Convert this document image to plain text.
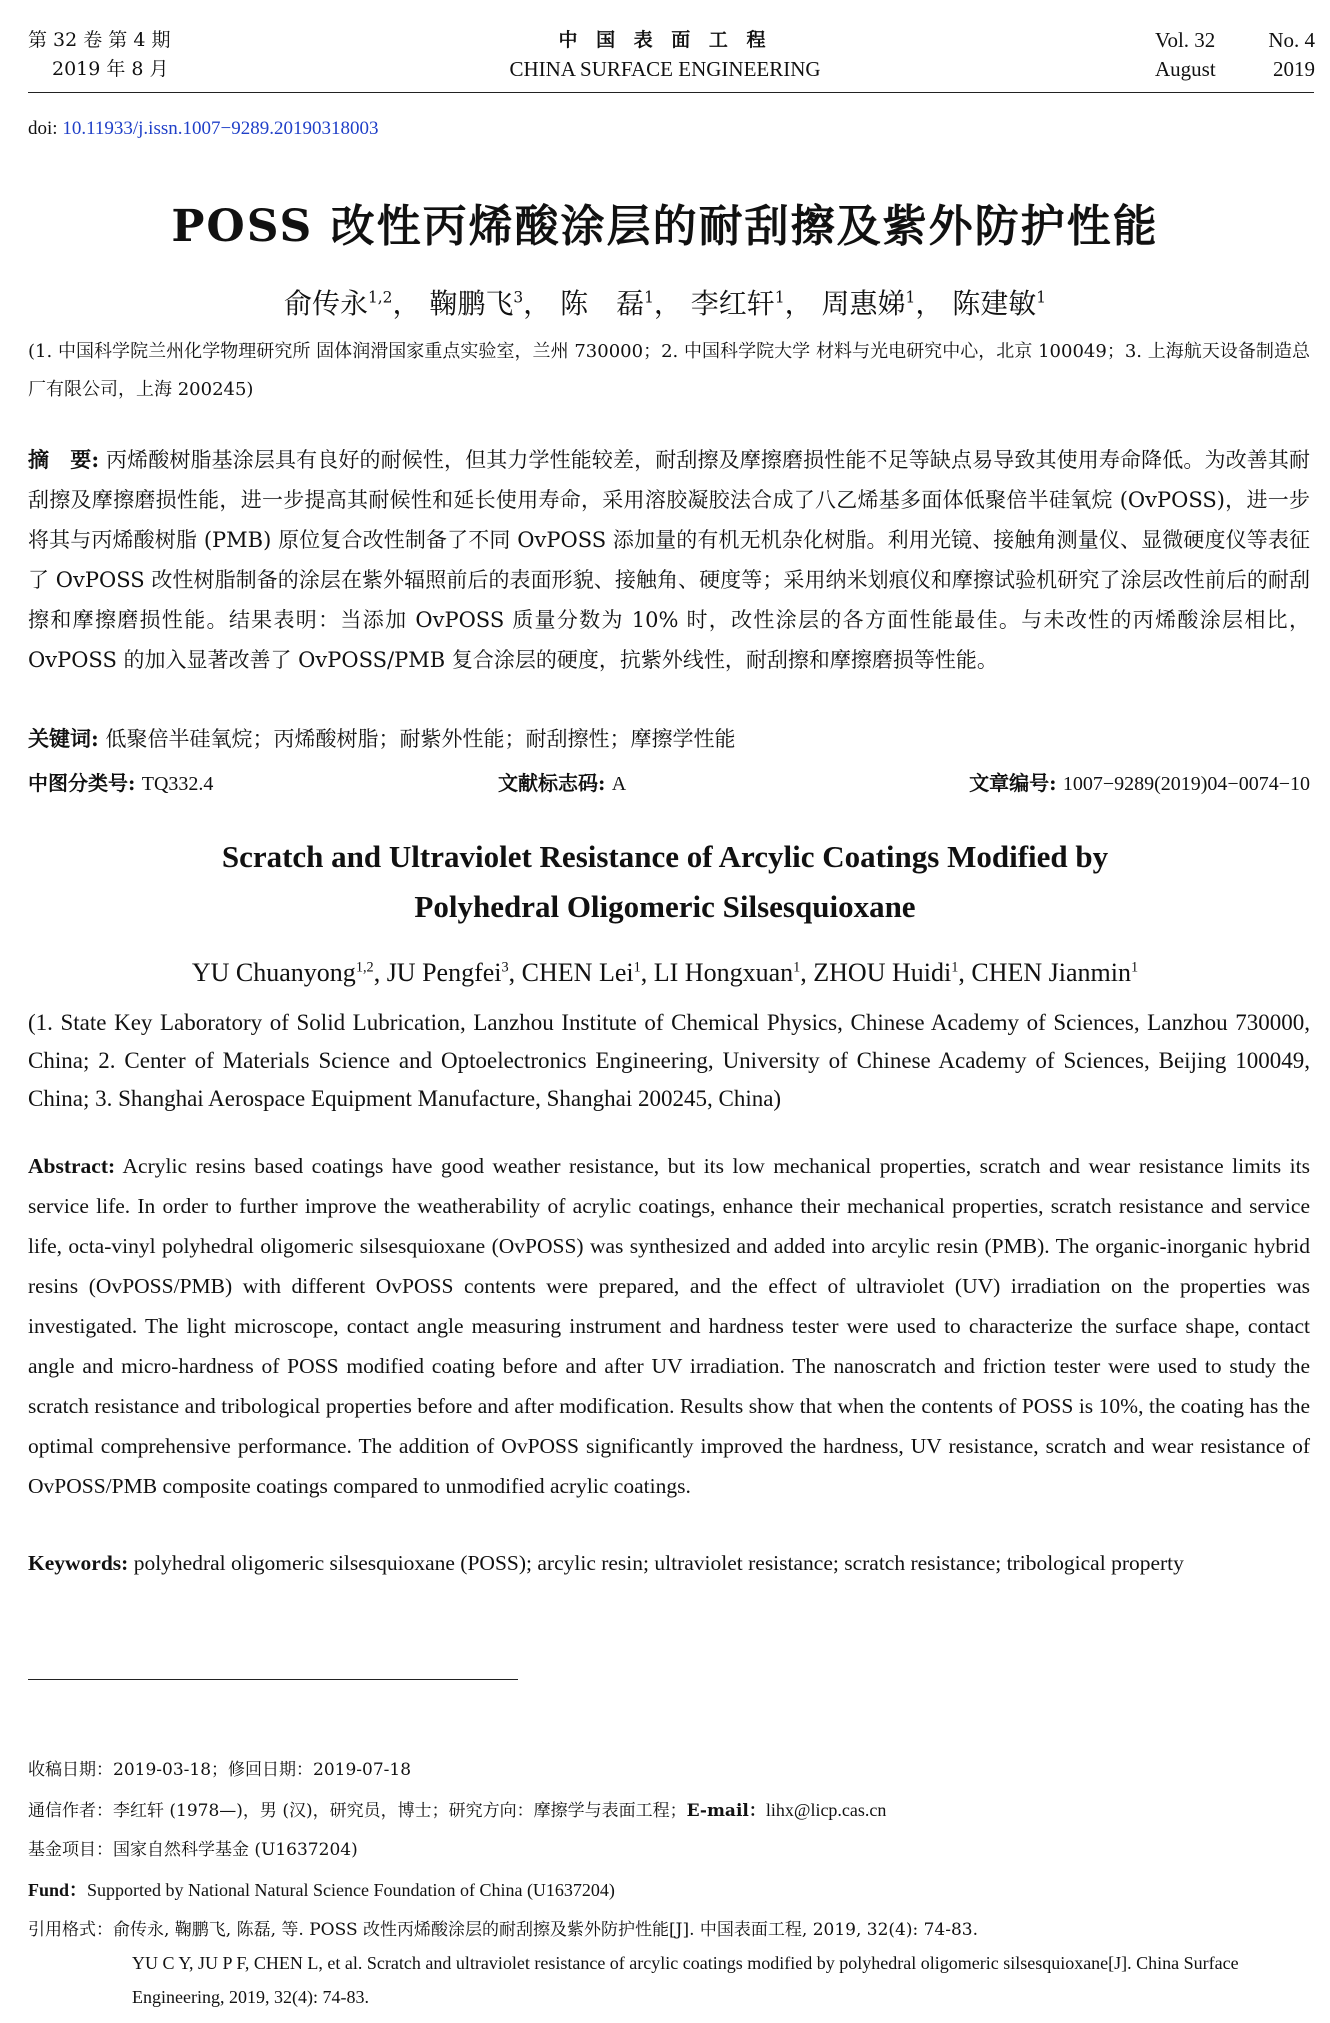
第 32 卷 第 4 期
2019 年 8 月
中 国 表 面 工 程
CHINA SURFACE ENGINEERING
Vol. 32	No. 4
August	2019
doi: 10.11933/j.issn.1007−9289.20190318003
POSS 改性丙烯酸涂层的耐刮擦及紫外防护性能
俞传永$^{1,2}$， 鞠鹏飞$^3$， 陈　磊$^1$， 李红轩$^1$， 周惠娣$^1$， 陈建敏$^1$
(1. 中国科学院兰州化学物理研究所 固体润滑国家重点实验室，兰州 730000；2. 中国科学院大学 材料与光电研究中心，北京 100049；3. 上海航天设备制造总厂有限公司，上海 200245)
摘　要: 丙烯酸树脂基涂层具有良好的耐候性，但其力学性能较差，耐刮擦及摩擦磨损性能不足等缺点易导致其使用寿命降低。为改善其耐刮擦及摩擦磨损性能，进一步提高其耐候性和延长使用寿命，采用溶胶凝胶法合成了八乙烯基多面体低聚倍半硅氧烷 (OvPOSS)，进一步将其与丙烯酸树脂 (PMB) 原位复合改性制备了不同 OvPOSS 添加量的有机无机杂化树脂。利用光镜、接触角测量仪、显微硬度仪等表征了 OvPOSS 改性树脂制备的涂层在紫外辐照前后的表面形貌、接触角、硬度等；采用纳米划痕仪和摩擦试验机研究了涂层改性前后的耐刮擦和摩擦磨损性能。结果表明：当添加 OvPOSS 质量分数为 10% 时，改性涂层的各方面性能最佳。与未改性的丙烯酸涂层相比，OvPOSS 的加入显著改善了 OvPOSS/PMB 复合涂层的硬度，抗紫外线性，耐刮擦和摩擦磨损等性能。
关键词: 低聚倍半硅氧烷；丙烯酸树脂；耐紫外性能；耐刮擦性；摩擦学性能
中图分类号: TQ332.4	文献标志码: A	文章编号: 1007−9289(2019)04−0074−10
Scratch and Ultraviolet Resistance of Arcylic Coatings Modified by
Polyhedral Oligomeric Silsesquioxane
YU Chuanyong$^{1,2}$, JU Pengfei$^3$, CHEN Lei$^1$, LI Hongxuan$^1$, ZHOU Huidi$^1$, CHEN Jianmin$^1$
(1. State Key Laboratory of Solid Lubrication, Lanzhou Institute of Chemical Physics, Chinese Academy of Sciences, Lanzhou 730000, China; 2. Center of Materials Science and Optoelectronics Engineering, University of Chinese Academy of Sciences, Beijing 100049, China; 3. Shanghai Aerospace Equipment Manufacture, Shanghai 200245, China)
Abstract: Acrylic resins based coatings have good weather resistance, but its low mechanical properties, scratch and wear resistance limits its service life. In order to further improve the weatherability of acrylic coatings, enhance their mechanical properties, scratch resistance and service life, octa-vinyl polyhedral oligomeric silsesquioxane (OvPOSS) was synthesized and added into arcylic resin (PMB). The organic-inorganic hybrid resins (OvPOSS/PMB) with different OvPOSS contents were prepared, and the effect of ultraviolet (UV) irradiation on the properties was investigated. The light microscope, contact angle measuring instrument and hardness tester were used to characterize the surface shape, contact angle and micro-hardness of POSS modified coating before and after UV irradiation. The nanoscratch and friction tester were used to study the scratch resistance and tribological properties before and after modification. Results show that when the contents of POSS is 10%, the coating has the optimal comprehensive performance. The addition of OvPOSS significantly improved the hardness, UV resistance, scratch and wear resistance of OvPOSS/PMB composite coatings compared to unmodified acrylic coatings.
Keywords: polyhedral oligomeric silsesquioxane (POSS); arcylic resin; ultraviolet resistance; scratch resistance; tribological property
收稿日期：2019-03-18；修回日期：2019-07-18
通信作者：李红轩 (1978—)，男 (汉)，研究员，博士；研究方向：摩擦学与表面工程；E-mail：lihx@licp.cas.cn
基金项目：国家自然科学基金 (U1637204)
Fund：Supported by National Natural Science Foundation of China (U1637204)
引用格式：俞传永, 鞠鹏飞, 陈磊, 等. POSS 改性丙烯酸涂层的耐刮擦及紫外防护性能[J]. 中国表面工程, 2019, 32(4): 74-83.
YU C Y, JU P F, CHEN L, et al. Scratch and ultraviolet resistance of arcylic coatings modified by polyhedral oligomeric silsesquioxane[J]. China Surface Engineering, 2019, 32(4): 74-83.
